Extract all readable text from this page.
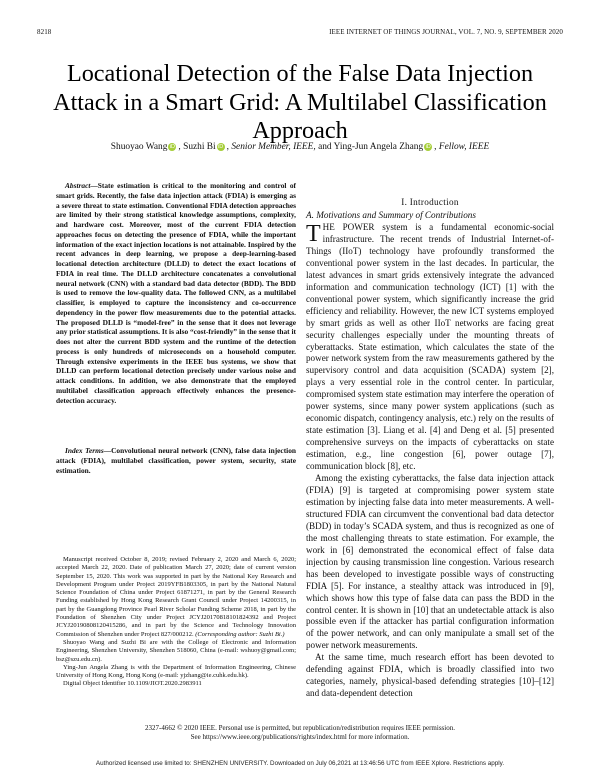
8218	IEEE INTERNET OF THINGS JOURNAL, VOL. 7, NO. 9, SEPTEMBER 2020
Locational Detection of the False Data Injection Attack in a Smart Grid: A Multilabel Classification Approach
Shuoyao Wang iD , Suzhi Bi iD , Senior Member, IEEE, and Ying-Jun Angela Zhang iD , Fellow, IEEE
Abstract—State estimation is critical to the monitoring and control of smart grids. Recently, the false data injection attack (FDIA) is emerging as a severe threat to state estimation. Conventional FDIA detection approaches are limited by their strong statistical knowledge assumptions, complexity, and hardware cost. Moreover, most of the current FDIA detection approaches focus on detecting the presence of FDIA, while the important information of the exact injection locations is not attainable. Inspired by the recent advances in deep learning, we propose a deep-learning-based locational detection architecture (DLLD) to detect the exact locations of FDIA in real time. The DLLD architecture concatenates a convolutional neural network (CNN) with a standard bad data detector (BDD). The BDD is used to remove the low-quality data. The followed CNN, as a multilabel classifier, is employed to capture the inconsistency and co-occurrence dependency in the power flow measurements due to the potential attacks. The proposed DLLD is “model-free” in the sense that it does not leverage any prior statistical assumptions. It is also “cost-friendly” in the sense that it does not alter the current BDD system and the runtime of the detection process is only hundreds of microseconds on a household computer. Through extensive experiments in the IEEE bus systems, we show that DLLD can perform locational detection precisely under various noise and attack conditions. In addition, we also demonstrate that the employed multilabel classification approach effectively enhances the presence-detection accuracy.
Index Terms—Convolutional neural network (CNN), false data injection attack (FDIA), multilabel classification, power system, security, state estimation.

Manuscript received October 8, 2019; revised February 2, 2020 and March 6, 2020; accepted March 22, 2020. Date of publication March 27, 2020; date of current version September 15, 2020. This work was supported in part by the National Key Research and Development Program under Project 2019YFB1803305, in part by the National Natural Science Foundation of China under Project 61871271, in part by the General Research Funding established by Hong Kong Research Grant Council under Project 14200315, in part by the Guangdong Province Pearl River Scholar Funding Scheme 2018, in part by the Foundation of Shenzhen City under Project JCYJ20170818101824392 and Project JCYJ20190808120415286, and in part by the Science and Technology Innovation Commission of Shenzhen under Project 827/000212. (Corresponding author: Suzhi Bi.)

Shuoyao Wang and Suzhi Bi are with the College of Electronic and Information Engineering, Shenzhen University, Shenzhen 518060, China (e-mail: wshuoy@gmail.com; bsz@szu.edu.cn).

Ying-Jun Angela Zhang is with the Department of Information Engineering, Chinese University of Hong Kong, Hong Kong (e-mail: yjzhang@ie.cuhk.edu.hk).

Digital Object Identifier 10.1109/JIOT.2020.2983911

I. Introduction
A. Motivations and Summary of Contributions

THE POWER system is a fundamental economic-social infrastructure. The recent trends of Industrial Internet-of-Things (IIoT) technology have profoundly transformed the conventional power system in the last decades. In particular, the latest advances in smart grids extensively integrate the advanced information and communication technology (ICT) [1] with the conventional power system, which significantly increase the grid efficiency and reliability. However, the new ICT systems employed by smart grids as well as other IIoT networks are facing great security challenges especially under the mounting threats of cyberattacks. State estimation, which calculates the state of the power network system from the raw measurements gathered by the supervisory control and data acquisition (SCADA) system [2], plays a very essential role in the control center. In particular, compromised system state estimation may interfere the operation of power systems, since many power system applications (such as economic dispatch, contingency analysis, etc.) rely on the results of state estimation [3]. Liang et al. [4] and Deng et al. [5] presented comprehensive surveys on the impacts of cyberattacks on state estimation, e.g., line congestion [6], power outage [7], communication block [8], etc.

Among the existing cyberattacks, the false data injection attack (FDIA) [9] is targeted at compromising power system state estimation by injecting false data into meter measurements. A well-structured FDIA can circumvent the conventional bad data detector (BDD) in today’s SCADA system, and thus is recognized as one of the most challenging threats to state estimation. For example, the work in [6] demonstrated the economical effect of false data injection by causing transmission line congestion. Various research has been developed to investigate possible ways of constructing FDIA [5]. For instance, a stealthy attack was introduced in [9], which shows how this type of false data can pass the BDD in the control center. It is shown in [10] that an undetectable attack is also possible even if the attacker has partial configuration information of the power network, and can only manipulate a small set of the power network measurements.

At the same time, much research effort has been devoted to defending against FDIA, which is broadly classified into two categories, namely, physical-based defending strategies [10]–[12] and data-dependent detection

2327-4662 © 2020 IEEE. Personal use is permitted, but republication/redistribution requires IEEE permission.
See https://www.ieee.org/publications/rights/index.html for more information.
Authorized licensed use limited to: SHENZHEN UNIVERSITY. Downloaded on July 06,2021 at 13:46:56 UTC from IEEE Xplore. Restrictions apply.
